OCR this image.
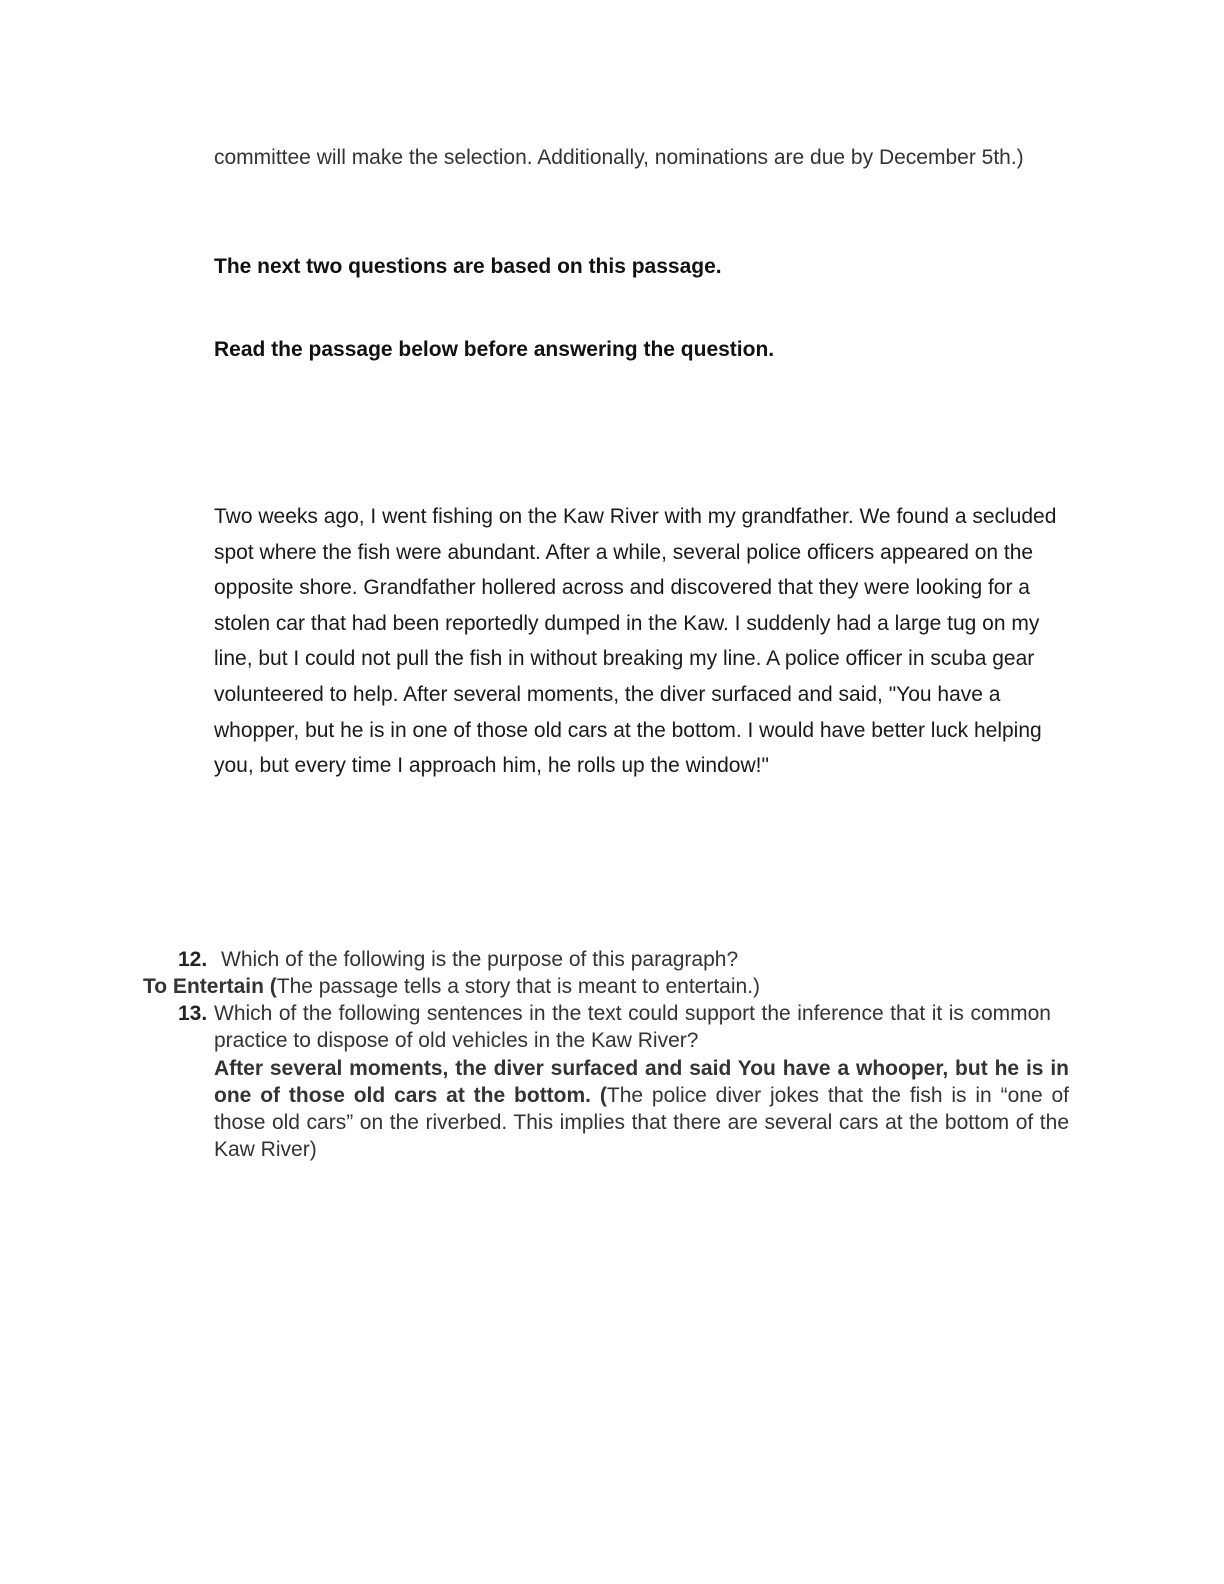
committee will make the selection. Additionally, nominations are due by December 5th.)

The next two questions are based on this passage.

Read the passage below before answering the question.

Two weeks ago, I went fishing on the Kaw River with my grandfather. We found a secluded spot where the fish were abundant. After a while, several police officers appeared on the opposite shore. Grandfather hollered across and discovered that they were looking for a stolen car that had been reportedly dumped in the Kaw. I suddenly had a large tug on my line, but I could not pull the fish in without breaking my line. A police officer in scuba gear volunteered to help. After several moments, the diver surfaced and said, "You have a whopper, but he is in one of those old cars at the bottom. I would have better luck helping you, but every time I approach him, he rolls up the window!"
12. Which of the following is the purpose of this paragraph?
To Entertain (The passage tells a story that is meant to entertain.)
13. Which of the following sentences in the text could support the inference that it is common practice to dispose of old vehicles in the Kaw River?
After several moments, the diver surfaced and said You have a whooper, but he is in one of those old cars at the bottom. (The police diver jokes that the fish is in “one of those old cars” on the riverbed. This implies that there are several cars at the bottom of the Kaw River)
